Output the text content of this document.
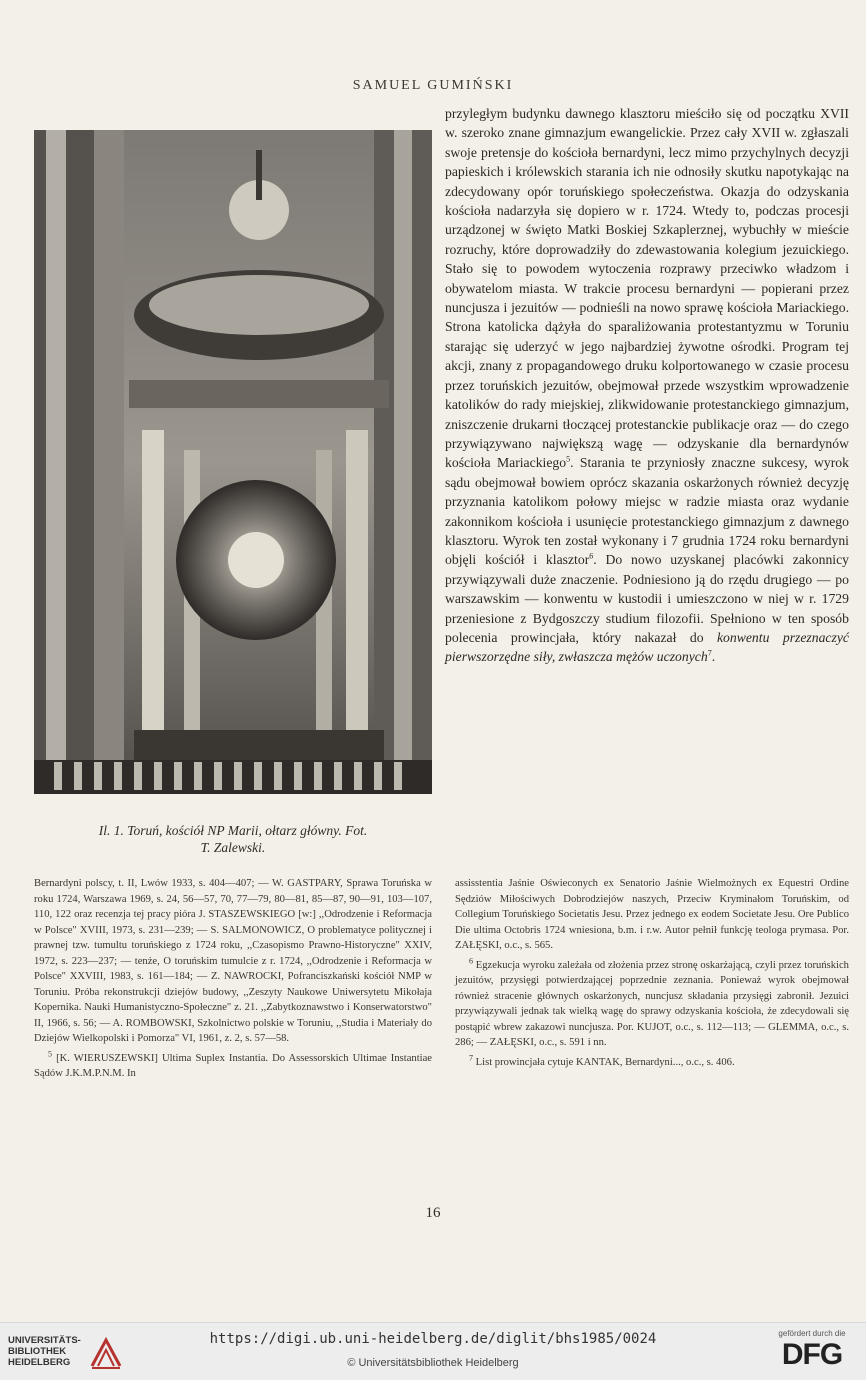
SAMUEL GUMIŃSKI
Il. 1. Toruń, kościół NP Marii, ołtarz główny. Fot.
T. Zalewski.

przyległym budynku dawnego klasztoru mieściło się od początku XVII w. szeroko znane gimnazjum ewangelickie. Przez cały XVII w. zgłaszali swoje pretensje do kościoła bernardyni, lecz mimo przychylnych decyzji papieskich i królewskich starania ich nie odnosiły skutku napotykając na zdecydowany opór toruńskiego społeczeństwa. Okazja do odzyskania kościoła nadarzyła się dopiero w r. 1724. Wtedy to, podczas procesji urządzonej w święto Matki Boskiej Szkaplerznej, wybuchły w mieście rozruchy, które doprowadziły do zdewastowania kolegium jezuickiego. Stało się to powodem wytoczenia rozprawy przeciwko władzom i obywatelom miasta. W trakcie procesu bernardyni — popierani przez nuncjusza i jezuitów — podnieśli na nowo sprawę kościoła Mariackiego. Strona katolicka dążyła do sparaliżowania protestantyzmu w Toruniu starając się uderzyć w jego najbardziej żywotne ośrodki. Program tej akcji, znany z propagandowego druku kolportowanego w czasie procesu przez toruńskich jezuitów, obejmował przede wszystkim wprowadzenie katolików do rady miejskiej, zlikwidowanie protestanckiego gimnazjum, zniszczenie drukarni tłoczącej protestanckie publikacje oraz — do czego przywiązywano największą wagę — odzyskanie dla bernardynów kościoła Mariackiego$^5$. Starania te przyniosły znaczne sukcesy, wyrok sądu obejmował bowiem oprócz skazania oskarżonych również decyzję przyznania katolikom połowy miejsc w radzie miasta oraz wydanie zakonnikom kościoła i usunięcie protestanckiego gimnazjum z dawnego klasztoru. Wyrok ten został wykonany i 7 grudnia 1724 roku bernardyni objęli kościół i klasztor$^6$. Do nowo uzyskanej placówki zakonnicy przywiązywali duże znaczenie. Podniesiono ją do rzędu drugiego — po warszawskim — konwentu w kustodii i umieszczono w niej w r. 1729 przeniesione z Bydgoszczy studium filozofii. Spełniono w ten sposób polecenia prowincjała, który nakazał do konwentu przeznaczyć pierwszorzędne siły, zwłaszcza mężów uczonych$^7$.

Bernardyni polscy, t. II, Lwów 1933, s. 404—407; — W. GASTPARY, Sprawa Toruńska w roku 1724, Warszawa 1969, s. 24, 56—57, 70, 77—79, 80—81, 85—87, 90—91, 103—107, 110, 122 oraz recenzja tej pracy pióra J. STASZEWSKIEGO [w:] ,,Odrodzenie i Reformacja w Polsce" XVIII, 1973, s. 231—239; — S. SALMONOWICZ, O problematyce politycznej i prawnej tzw. tumultu toruńskiego z 1724 roku, ,,Czasopismo Prawno-Historyczne" XXIV, 1972, s. 223—237; — tenże, O toruńskim tumulcie z r. 1724, ,,Odrodzenie i Reformacja w Polsce" XXVIII, 1983, s. 161—184; — Z. NAWROCKI, Pofranciszkański kościół NMP w Toruniu. Próba rekonstrukcji dziejów budowy, ,,Zeszyty Naukowe Uniwersytetu Mikołaja Kopernika. Nauki Humanistyczno-Społeczne" z. 21. ,,Zabytkoznawstwo i Konserwatorstwo" II, 1966, s. 56; — A. ROMBOWSKI, Szkolnictwo polskie w Toruniu, ,,Studia i Materiały do Dziejów Wielkopolski i Pomorza" VI, 1961, z. 2, s. 57—58.

$^5$ [K. WIERUSZEWSKI] Ultima Suplex Instantia. Do Assessorskich Ultimae Instantiae Sądów J.K.M.P.N.M. In

assisstentia Jaśnie Oświeconych ex Senatorio Jaśnie Wielmożnych ex Equestri Ordine Sędziów Miłościwych Dobrodziejów naszych, Przeciw Kryminałom Toruńskim, od Collegium Toruńskiego Societatis Jesu. Przez jednego ex eodem Societate Jesu. Ore Publico Die ultima Octobris 1724 wniesiona, b.m. i r.w. Autor pełnił funkcję teologa prymasa. Por. ZAŁĘSKI, o.c., s. 565.

$^6$ Egzekucja wyroku zależała od złożenia przez stronę oskarżającą, czyli przez toruńskich jezuitów, przysięgi potwierdzającej poprzednie zeznania. Ponieważ wyrok obejmował również stracenie głównych oskarżonych, nuncjusz składania przysięgi zabronił. Jezuici przywiązywali jednak tak wielką wagę do sprawy odzyskania kościoła, że zdecydowali się postąpić wbrew zakazowi nuncjusza. Por. KUJOT, o.c., s. 112—113; — GLEMMA, o.c., s. 286; — ZAŁĘSKI, o.c., s. 591 i nn.

$^7$ List prowincjała cytuje KANTAK, Bernardyni..., o.c., s. 406.

16
UNIVERSITÄTS-
BIBLIOTHEK
HEIDELBERG
https://digi.ub.uni-heidelberg.de/diglit/bhs1985/0024
© Universitätsbibliothek Heidelberg
gefördert durch die
DFG
